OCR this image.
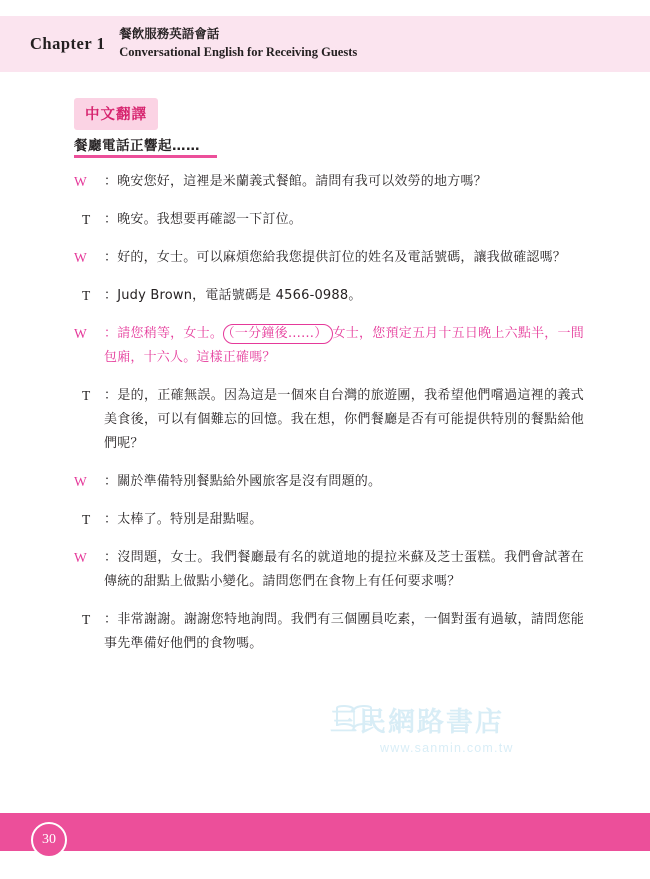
Chapter 1
餐飲服務英語會話
Conversational English for Receiving Guests
中文翻譯
餐廳電話正響起……
W	：晚安您好，這裡是米蘭義式餐館。請問有我可以效勞的地方嗎？
T	：晚安。我想要再確認一下訂位。
W	：好的，女士。可以麻煩您給我您提供訂位的姓名及電話號碼，讓我做確認嗎？
T	：Judy Brown，電話號碼是 4566-0988。
W	：請您稍等，女士。 （一分鐘後……） 女士，您預定五月十五日晚上六點半，一間包廂，十六人。這樣正確嗎？
T	：是的，正確無誤。因為這是一個來自台灣的旅遊團，我希望他們嚐過這裡的義式美食後，可以有個難忘的回憶。我在想，你們餐廳是否有可能提供特別的餐點給他們呢？
W	：關於準備特別餐點給外國旅客是沒有問題的。
T	：太棒了。特別是甜點喔。
W	：沒問題，女士。我們餐廳最有名的就道地的提拉米蘇及芝士蛋糕。我們會試著在傳統的甜點上做點小變化。請問您們在食物上有任何要求嗎？
T	：非常謝謝。謝謝您特地詢問。我們有三個團員吃素，一個對蛋有過敏，請問您能事先準備好他們的食物嗎。
三民網路書店
www.sanmin.com.tw
30
